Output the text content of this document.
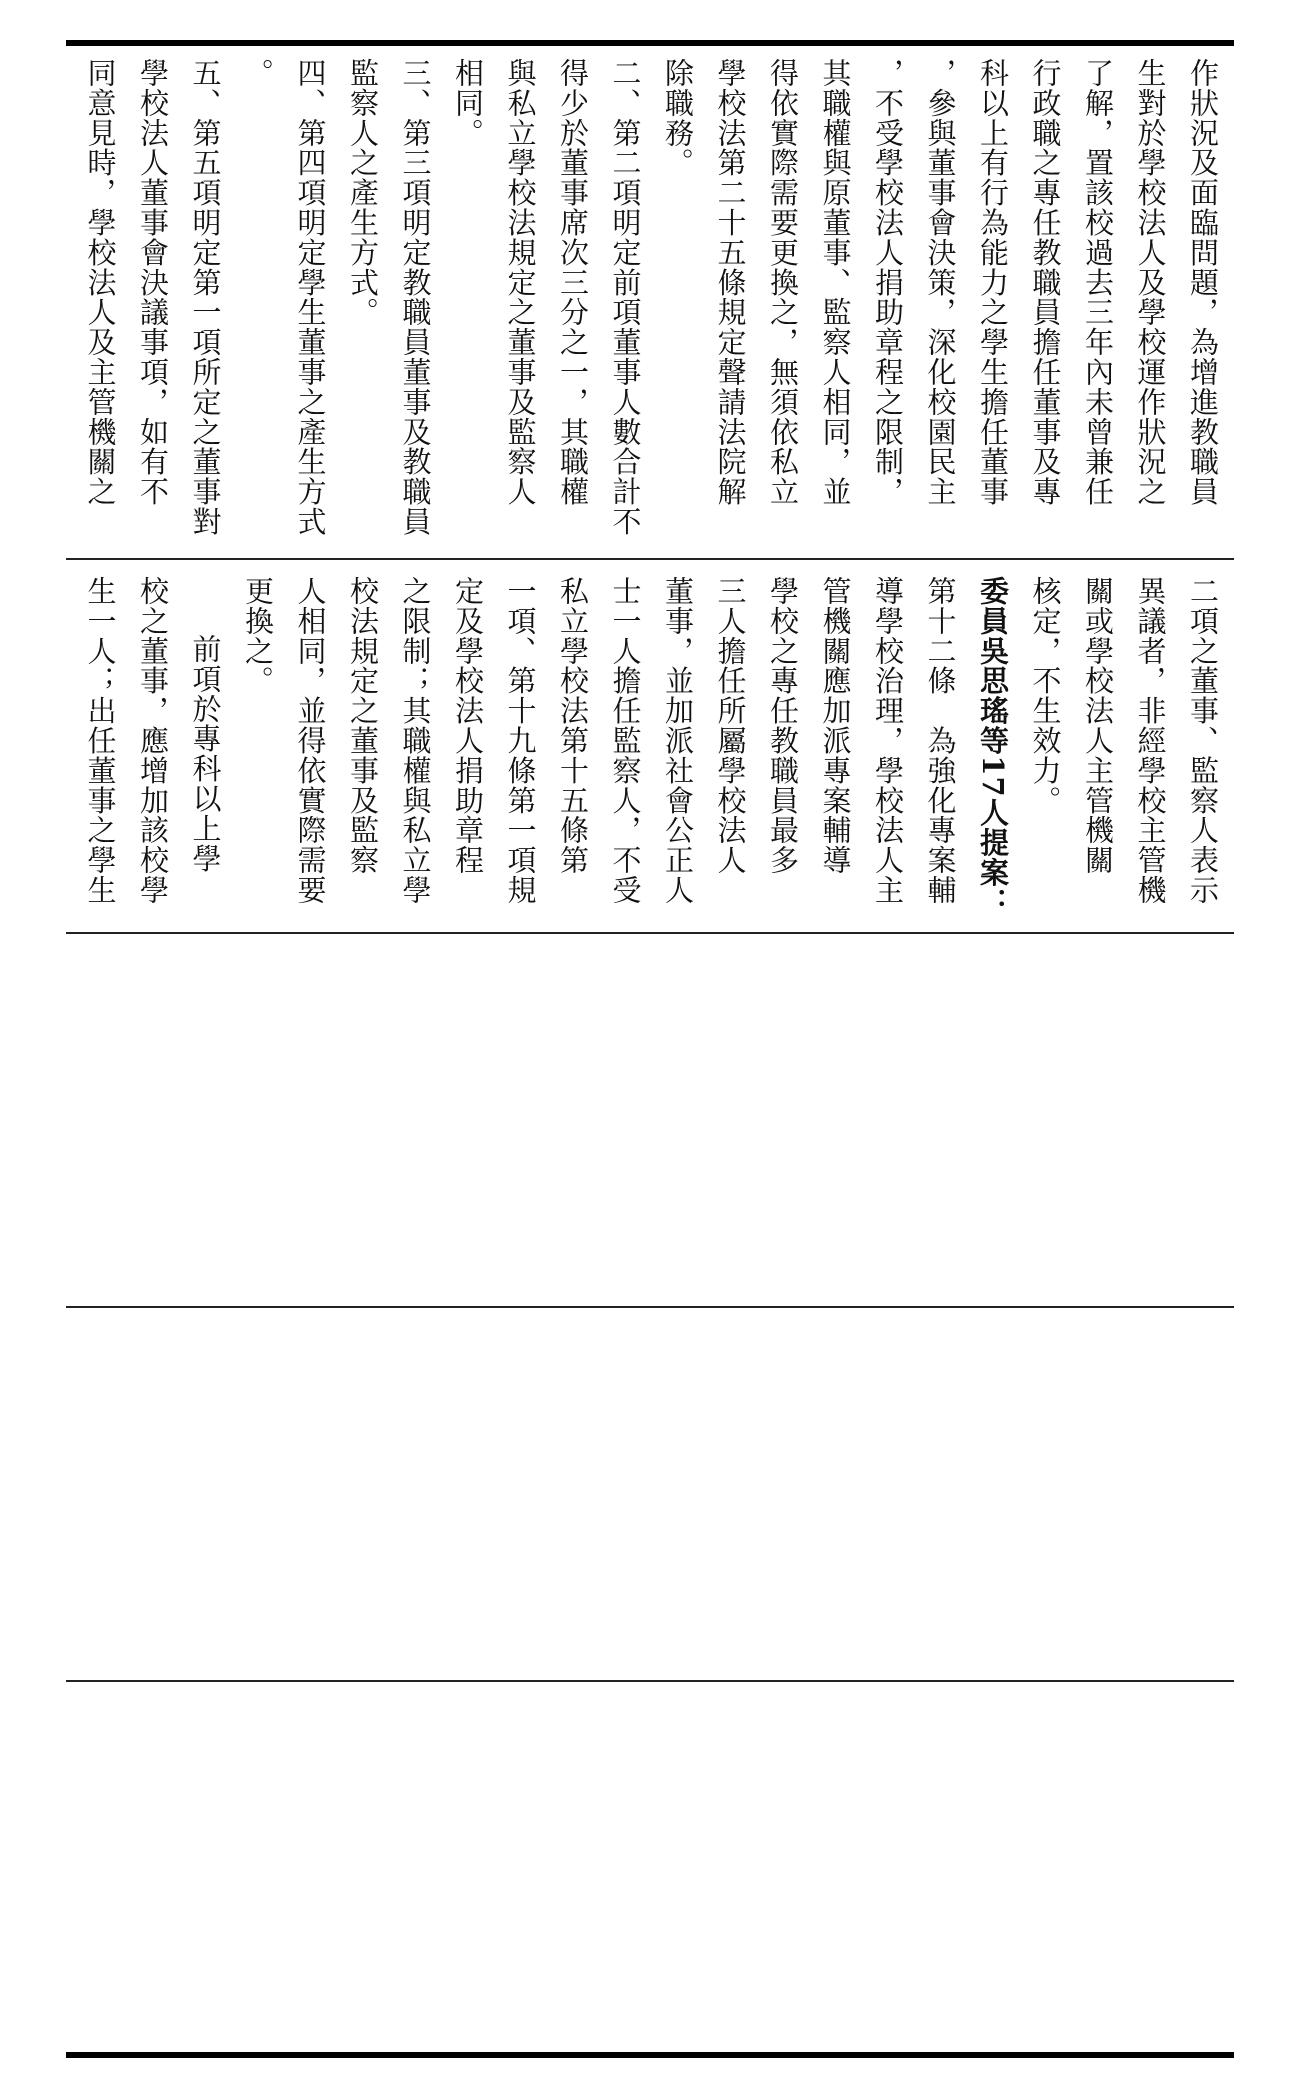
作狀況及面臨問題，為增進教職員

生對於學校法人及學校運作狀況之

了解，置該校過去三年內未曾兼任

行政職之專任教職員擔任董事及專

科以上有行為能力之學生擔任董事

，參與董事會決策，深化校園民主

，不受學校法人捐助章程之限制，

其職權與原董事、監察人相同，並

得依實際需要更換之，無須依私立

學校法第二十五條規定聲請法院解

除職務。

二、第二項明定前項董事人數合計不

得少於董事席次三分之一，其職權

與私立學校法規定之董事及監察人

相同。

三、第三項明定教職員董事及教職員

監察人之產生方式。

四、第四項明定學生董事之產生方式

。

五、第五項明定第一項所定之董事對

學校法人董事會決議事項，如有不

同意見時，學校法人及主管機關之

二項之董事、監察人表示

異議者，非經學校主管機

關或學校法人主管機關

核定，不生效力。

委員吳思瑤等17人提案：

第十二條　為強化專案輔

導學校治理，學校法人主

管機關應加派專案輔導

學校之專任教職員最多

三人擔任所屬學校法人

董事，並加派社會公正人

士一人擔任監察人，不受

私立學校法第十五條第

一項、第十九條第一項規

定及學校法人捐助章程

之限制；其職權與私立學

校法規定之董事及監察

人相同，並得依實際需要

更換之。

前項於專科以上學

校之董事，應增加該校學

生一人；出任董事之學生
